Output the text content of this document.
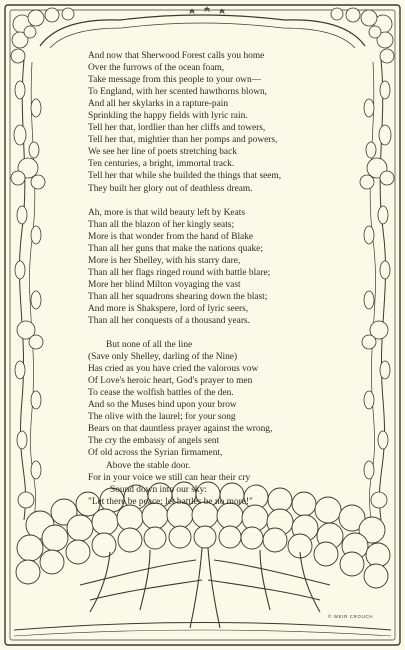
And now that Sherwood Forest calls you home
Over the furrows of the ocean foam,
Take message from this people to your own—
To England, with her scented hawthorns blown,
And all her skylarks in a rapture-pain
Sprinkling the happy fields with lyric rain.
Tell her that, lordlier than her cliffs and towers,
Tell her that, mightier than her pomps and powers,
We see her line of poets stretching back
Ten centuries, a bright, immortal track.
Tell her that while she builded the things that seem,
They built her glory out of deathless dream.
Ah, more is that wild beauty left by Keats
Than all the blazon of her kingly seats;
More is that wonder from the hand of Blake
Than all her guns that make the nations quake;
More is her Shelley, with his starry dare,
Than all her flags ringed round with battle blare;
More her blind Milton voyaging the vast
Than all her squadrons shearing down the blast;
And more is Shakspere, lord of lyric seers,
Than all her conquests of a thousand years.
But none of all the line
(Save only Shelley, darling of the Nine)
Has cried as you have cried the valorous vow
Of Love's heroic heart, God's prayer to men
To cease the wolfish battles of the den.
And so the Muses bind upon your brow
The olive with the laurel; for your song
Bears on that dauntless prayer against the wrong,
The cry the embassy of angels sent
Of old across the Syrian firmament,
Above the stable door.
For in your voice we still can hear their cry
Sound down into our sky:
"Let there be peace: let battles be no more!"
© WEIR CROUCH
